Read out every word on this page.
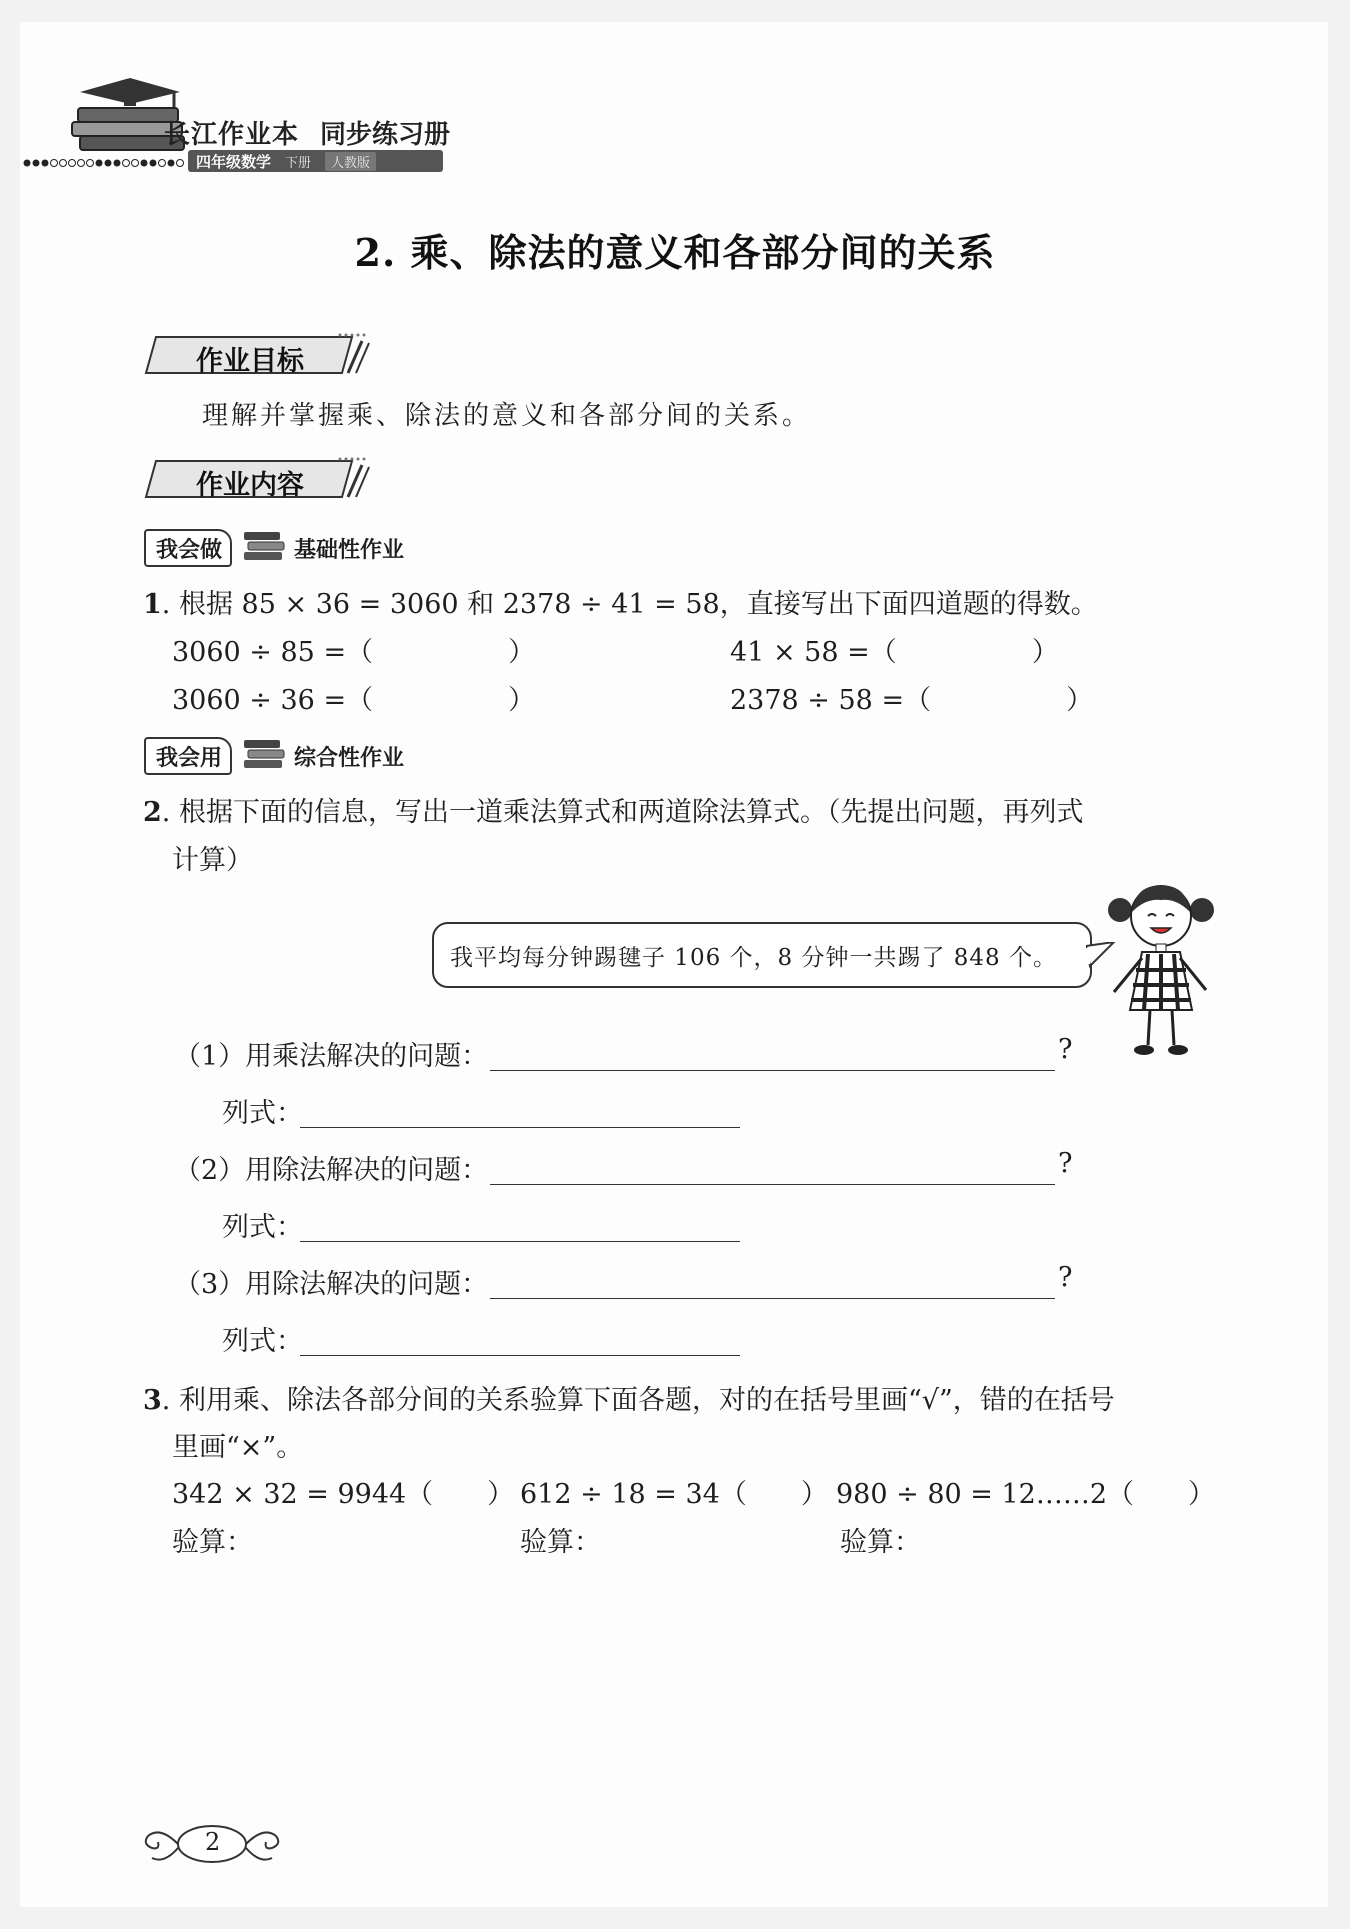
长江作业本 同步练习册
四年级数学 下册	人教版
2. 乘、除法的意义和各部分间的关系
作业目标
理解并掌握乘、除法的意义和各部分间的关系。
作业内容
我会做	基础性作业
1. 根据 85 × 36 = 3060 和 2378 ÷ 41 = 58，直接写出下面四道题的得数。
3060 ÷ 85 =（　　　　　）	41 × 58 =（　　　　　）
3060 ÷ 36 =（　　　　　）	2378 ÷ 58 =（　　　　　）
我会用	综合性作业
2. 根据下面的信息，写出一道乘法算式和两道除法算式。（先提出问题，再列式
计算）
我平均每分钟踢毽子 106 个，8 分钟一共踢了 848 个。
（1）用乘法解决的问题：	?
列式：
（2）用除法解决的问题：	?
列式：
（3）用除法解决的问题：	?
列式：
3. 利用乘、除法各部分间的关系验算下面各题，对的在括号里画“√”，错的在括号
里画“×”。
342 × 32 = 9944（　　） 612 ÷ 18 = 34（　　） 980 ÷ 80 = 12……2（　　）
验算：	验算：	验算：
2
